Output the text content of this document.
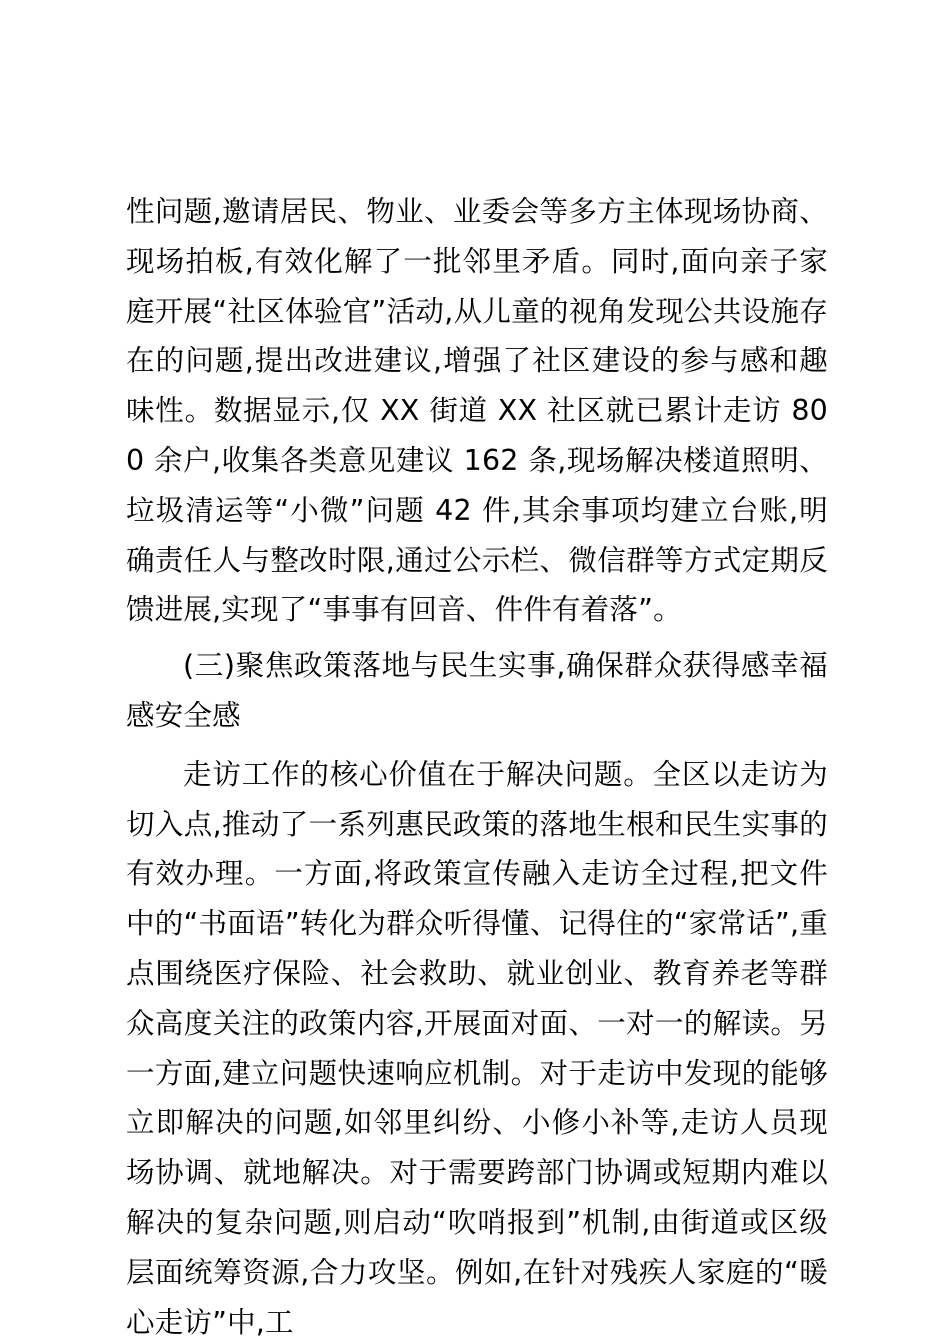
性问题,邀请居民、物业、业委会等多方主体现场协商、现场拍板,有效化解了一批邻里矛盾。同时,面向亲子家庭开展“社区体验官”活动,从儿童的视角发现公共设施存在的问题,提出改进建议,增强了社区建设的参与感和趣味性。数据显示,仅 XX 街道 XX 社区就已累计走访 800 余户,收集各类意见建议 162 条,现场解决楼道照明、垃圾清运等“小微”问题 42 件,其余事项均建立台账,明确责任人与整改时限,通过公示栏、微信群等方式定期反馈进展,实现了“事事有回音、件件有着落”。

(三)聚焦政策落地与民生实事,确保群众获得感幸福感安全感

走访工作的核心价值在于解决问题。全区以走访为切入点,推动了一系列惠民政策的落地生根和民生实事的有效办理。一方面,将政策宣传融入走访全过程,把文件中的“书面语”转化为群众听得懂、记得住的“家常话”,重点围绕医疗保险、社会救助、就业创业、教育养老等群众高度关注的政策内容,开展面对面、一对一的解读。另一方面,建立问题快速响应机制。对于走访中发现的能够立即解决的问题,如邻里纠纷、小修小补等,走访人员现场协调、就地解决。对于需要跨部门协调或短期内难以解决的复杂问题,则启动“吹哨报到”机制,由街道或区级层面统筹资源,合力攻坚。例如,在针对残疾人家庭的“暖心走访”中,工
